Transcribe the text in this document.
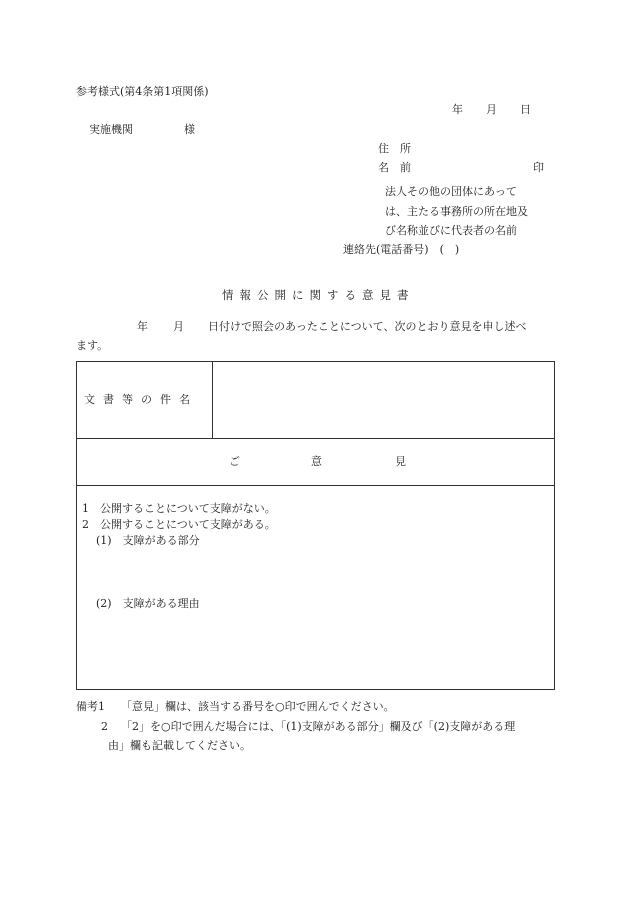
参考様式(第4条第1項関係)
年 月 日
実施機関	様
住　所
名　前	印
法人その他の団体にあって
は、主たる事務所の所在地及
び名称並びに代表者の名前
連絡先(電話番号)　(　)
情報公開に関する意見書
年 月 日付けで照会のあったことについて、次のとおり意見を申し述べ
ます。
文書等の件名
ご	意	見
1　公開することについて支障がない。
2　公開することについて支障がある。
(1)　支障がある部分
(2)　支障がある理由
備考1 「意見」欄は、該当する番号を○印で囲んでください。
2 「2」を○印で囲んだ場合には、「(1)支障がある部分」欄及び「(2)支障がある理
由」欄も記載してください。
